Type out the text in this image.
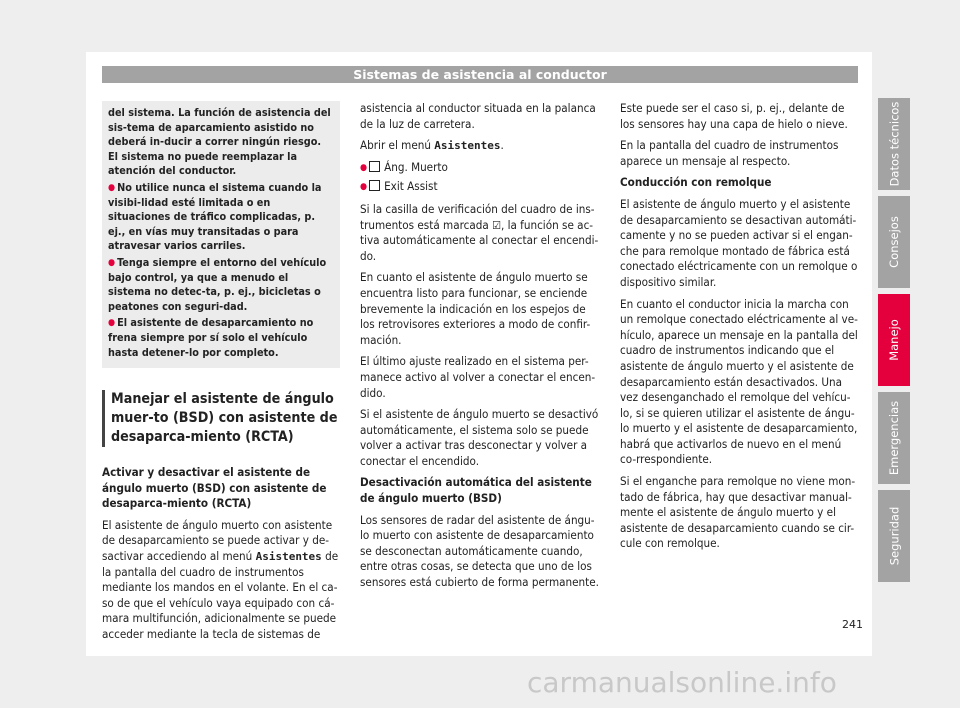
Sistemas de asistencia al conductor

del sistema. La función de asistencia del sis-tema de aparcamiento asistido no deberá in-ducir a correr ningún riesgo. El sistema no puede reemplazar la atención del conductor.

● No utilice nunca el sistema cuando la visibi-lidad esté limitada o en situaciones de tráfico complicadas, p. ej., en vías muy transitadas o para atravesar varios carriles.

● Tenga siempre el entorno del vehículo bajo control, ya que a menudo el sistema no detec-ta, p. ej., bicicletas o peatones con seguri-dad.

● El asistente de desaparcamiento no frena siempre por sí solo el vehículo hasta detener-lo por completo.

Manejar el asistente de ángulo muer-to (BSD) con asistente de desaparca-miento (RCTA)

Activar y desactivar el asistente de ángulo muerto (BSD) con asistente de desaparca-miento (RCTA)

El asistente de ángulo muerto con asistente de desaparcamiento se puede activar y de-sactivar accediendo al menú Asistentes de la pantalla del cuadro de instrumentos mediante los mandos en el volante. En el ca-so de que el vehículo vaya equipado con cá-mara multifunción, adicionalmente se puede acceder mediante la tecla de sistemas de

asistencia al conductor situada en la palanca de la luz de carretera.

Abrir el menú Asistentes.

● Áng. Muerto

● Exit Assist

Si la casilla de verificación del cuadro de ins-trumentos está marcada ☑, la función se ac-tiva automáticamente al conectar el encendi-do.

En cuanto el asistente de ángulo muerto se encuentra listo para funcionar, se enciende brevemente la indicación en los espejos de los retrovisores exteriores a modo de confir-mación.

El último ajuste realizado en el sistema per-manece activo al volver a conectar el encen-dido.

Si el asistente de ángulo muerto se desactivó automáticamente, el sistema solo se puede volver a activar tras desconectar y volver a conectar el encendido.

Desactivación automática del asistente de ángulo muerto (BSD)

Los sensores de radar del asistente de ángu-lo muerto con asistente de desaparcamiento se desconectan automáticamente cuando, entre otras cosas, se detecta que uno de los sensores está cubierto de forma permanente.

Este puede ser el caso si, p. ej., delante de los sensores hay una capa de hielo o nieve.

En la pantalla del cuadro de instrumentos aparece un mensaje al respecto.

Conducción con remolque

El asistente de ángulo muerto y el asistente de desaparcamiento se desactivan automáti-camente y no se pueden activar si el engan-che para remolque montado de fábrica está conectado eléctricamente con un remolque o dispositivo similar.

En cuanto el conductor inicia la marcha con un remolque conectado eléctricamente al ve-hículo, aparece un mensaje en la pantalla del cuadro de instrumentos indicando que el asistente de ángulo muerto y el asistente de desaparcamiento están desactivados. Una vez desenganchado el remolque del vehícu-lo, si se quieren utilizar el asistente de ángu-lo muerto y el asistente de desaparcamiento, habrá que activarlos de nuevo en el menú co-rrespondiente.

Si el enganche para remolque no viene mon-tado de fábrica, hay que desactivar manual-mente el asistente de ángulo muerto y el asistente de desaparcamiento cuando se cir-cule con remolque.

Datos técnicos
Consejos
Manejo
Emergencias
Seguridad
241
carmanualsonline.info
